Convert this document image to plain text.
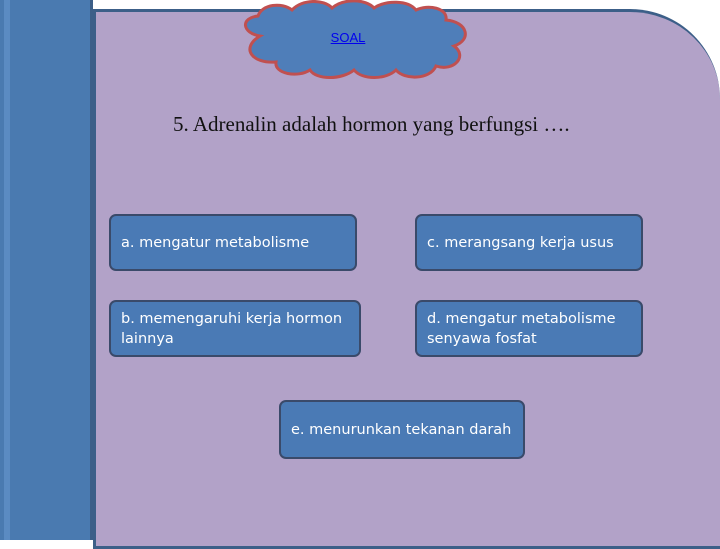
SOAL
5. Adrenalin adalah hormon yang berfungsi ….
a. mengatur metabolisme	c. merangsang kerja usus
b. memengaruhi kerja hormon lainnya
d. mengatur metabolisme senyawa fosfat
e. menurunkan tekanan darah
